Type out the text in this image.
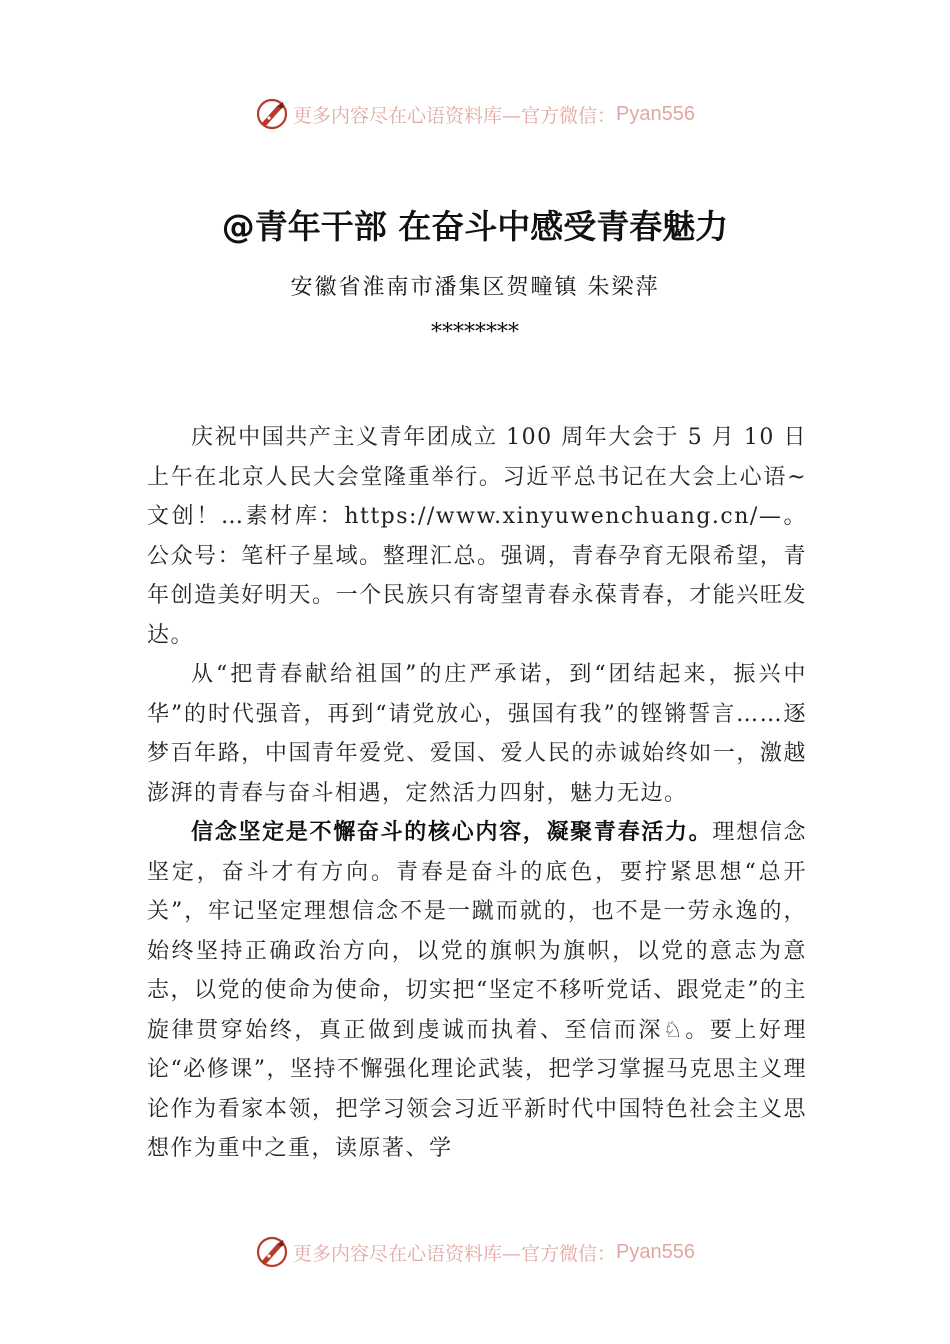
更多内容尽在心语资料库—官方微信： Pyan556
@青年干部 在奋斗中感受青春魅力
安徽省淮南市潘集区贺疃镇 朱梁萍
********

庆祝中国共产主义青年团成立 100 周年大会于 5 月 10 日上午在北京人民大会堂隆重举行。习近平总书记在大会上心语~文创！…素材库：https://www.xinyuwenchuang.cn/—。公众号：笔杆子星域。整理汇总。强调，青春孕育无限希望，青年创造美好明天。一个民族只有寄望青春永葆青春，才能兴旺发达。

从“把青春献给祖国”的庄严承诺，到“团结起来，振兴中华”的时代强音，再到“请党放心，强国有我”的铿锵誓言……逐梦百年路，中国青年爱党、爱国、爱人民的赤诚始终如一，激越澎湃的青春与奋斗相遇，定然活力四射，魅力无边。

信念坚定是不懈奋斗的核心内容，凝聚青春活力。理想信念坚定，奋斗才有方向。青春是奋斗的底色，要拧紧思想“总开关”，牢记坚定理想信念不是一蹴而就的，也不是一劳永逸的，始终坚持正确政治方向，以党的旗帜为旗帜，以党的意志为意志，以党的使命为使命，切实把“坚定不移听党话、跟党走”的主旋律贯穿始终，真正做到虔诚而执着、至信而深♘。要上好理论“必修课”，坚持不懈强化理论武装，把学习掌握马克思主义理论作为看家本领，把学习领会习近平新时代中国特色社会主义思想作为重中之重，读原著、学

更多内容尽在心语资料库—官方微信： Pyan556
